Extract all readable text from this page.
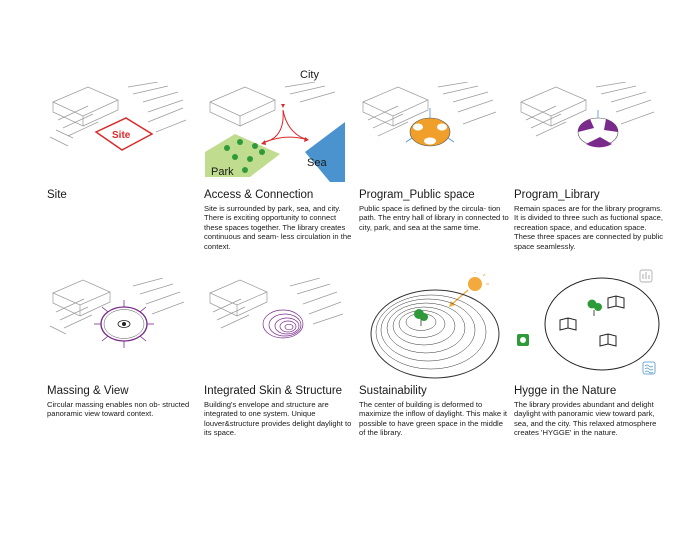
City
Site
Park
Sea
Site	Access & Connection
Site is surrounded by park, sea, and city. There is exciting opportunity to connect these spaces together. The library creates continuous and seam- less circulation in the context.
Program_Public space
Public space is defined by the circula- tion path. The entry hall of library in connected to city, park, and sea at the same time.
Program_Library
Remain spaces are for the library programs. It is divided to three such as fuctional space, recreation space, and education space. These three spaces are connected by public space seamlessly.
Massing & View
Circular massing enables non ob- structed panoramic view toward context.
Integrated Skin & Structure
Building's envelope and structure are integrated to one system. Unique louver&structure provides delight daylight to its space.
Sustainability
The center of building is deformed to maximize the inflow of daylight. This make it possible to have green space in the middle of the library.
Hygge in the Nature
The library provides abundant and delight daylight with panoramic view toward park, sea, and the city. This relaxed atmosphere creates 'HYGGE' in the nature.
